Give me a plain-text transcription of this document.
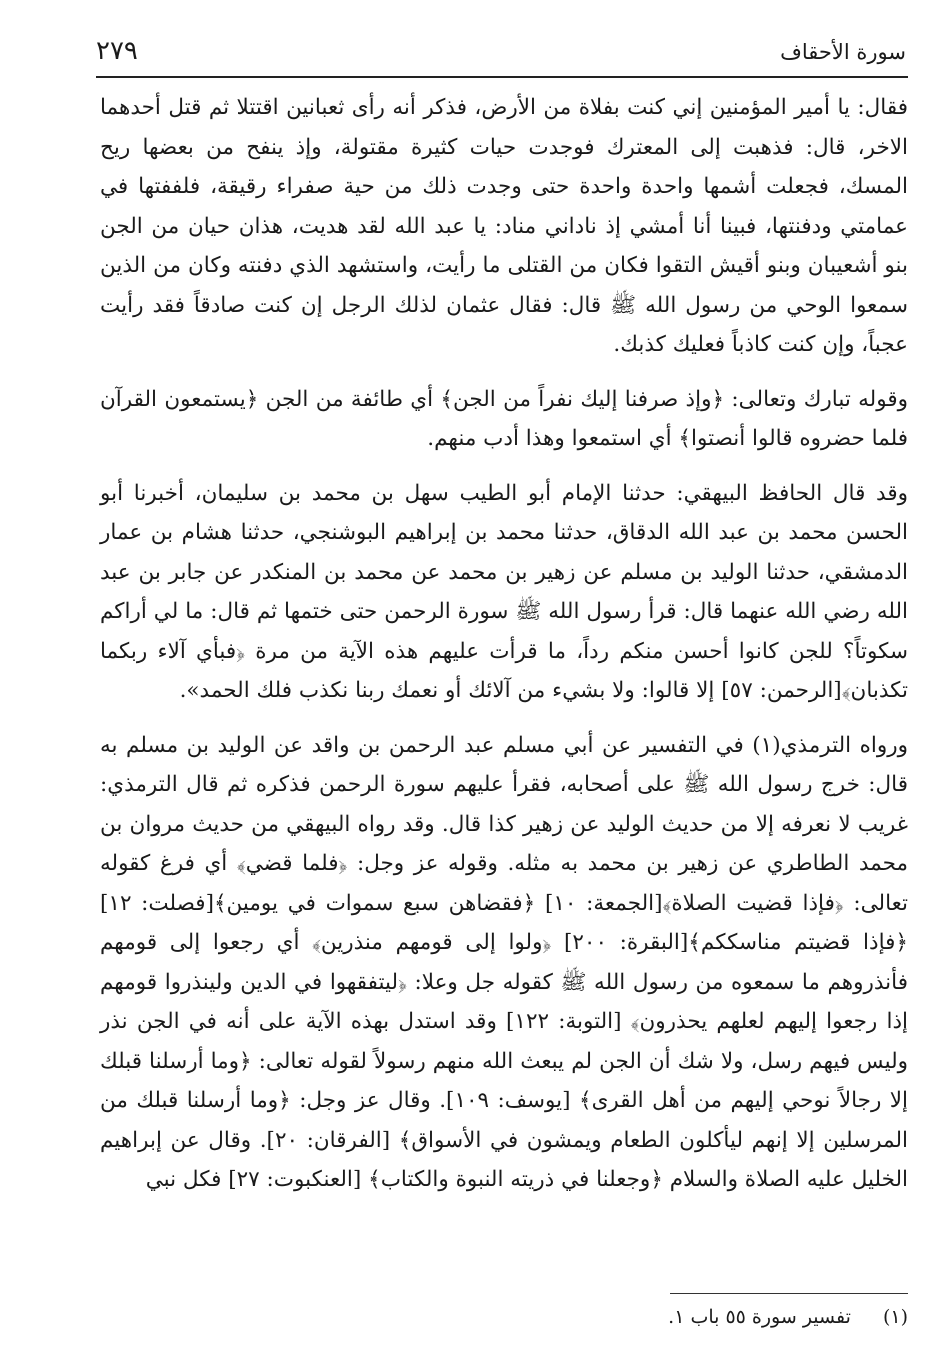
سورة الأحقاف
٢٧٩

فقال: يا أمير المؤمنين إني كنت بفلاة من الأرض، فذكر أنه رأى ثعبانين اقتتلا ثم قتل أحدهما الاخر، قال: فذهبت إلى المعترك فوجدت حيات كثيرة مقتولة، وإذ ينفح من بعضها ريح المسك، فجعلت أشمها واحدة واحدة حتى وجدت ذلك من حية صفراء رقيقة، فلففتها في عمامتي ودفنتها، فبينا أنا أمشي إذ ناداني مناد: يا عبد الله لقد هديت، هذان حيان من الجن بنو أشعيبان وبنو أقيش التقوا فكان من القتلى ما رأيت، واستشهد الذي دفنته وكان من الذين سمعوا الوحي من رسول الله ﷺ قال: فقال عثمان لذلك الرجل إن كنت صادقاً فقد رأيت عجباً، وإن كنت كاذباً فعليك كذبك.

وقوله تبارك وتعالى: ﴿وإذ صرفنا إليك نفراً من الجن﴾ أي طائفة من الجن ﴿يستمعون القرآن فلما حضروه قالوا أنصتوا﴾ أي استمعوا وهذا أدب منهم.

وقد قال الحافظ البيهقي: حدثنا الإمام أبو الطيب سهل بن محمد بن سليمان، أخبرنا أبو الحسن محمد بن عبد الله الدقاق، حدثنا محمد بن إبراهيم البوشنجي، حدثنا هشام بن عمار الدمشقي، حدثنا الوليد بن مسلم عن زهير بن محمد عن محمد بن المنكدر عن جابر بن عبد الله رضي الله عنهما قال: قرأ رسول الله ﷺ سورة الرحمن حتى ختمها ثم قال: ما لي أراكم سكوتاً؟ للجن كانوا أحسن منكم رداً، ما قرأت عليهم هذه الآية من مرة ﴿فبأي آلاء ربكما تكذبان﴾[الرحمن: ٥٧] إلا قالوا: ولا بشيء من آلائك أو نعمك ربنا نكذب فلك الحمد».

ورواه الترمذي(١) في التفسير عن أبي مسلم عبد الرحمن بن واقد عن الوليد بن مسلم به قال: خرج رسول الله ﷺ على أصحابه، فقرأ عليهم سورة الرحمن فذكره ثم قال الترمذي: غريب لا نعرفه إلا من حديث الوليد عن زهير كذا قال. وقد رواه البيهقي من حديث مروان بن محمد الطاطري عن زهير بن محمد به مثله. وقوله عز وجل: ﴿فلما قضي﴾ أي فرغ كقوله تعالى: ﴿فإذا قضيت الصلاة﴾[الجمعة: ١٠] ﴿فقضاهن سبع سموات في يومين﴾[فصلت: ١٢] ﴿فإذا قضيتم مناسككم﴾[البقرة: ٢٠٠] ﴿ولوا إلى قومهم منذرين﴾ أي رجعوا إلى قومهم فأنذروهم ما سمعوه من رسول الله ﷺ كقوله جل وعلا: ﴿ليتفقهوا في الدين ولينذروا قومهم إذا رجعوا إليهم لعلهم يحذرون﴾ [التوبة: ١٢٢] وقد استدل بهذه الآية على أنه في الجن نذر وليس فيهم رسل، ولا شك أن الجن لم يبعث الله منهم رسولاً لقوله تعالى: ﴿وما أرسلنا قبلك إلا رجالاً نوحي إليهم من أهل القرى﴾ [يوسف: ١٠٩]. وقال عز وجل: ﴿وما أرسلنا قبلك من المرسلين إلا إنهم ليأكلون الطعام ويمشون في الأسواق﴾ [الفرقان: ٢٠]. وقال عن إبراهيم الخليل عليه الصلاة والسلام ﴿وجعلنا في ذريته النبوة والكتاب﴾ [العنكبوت: ٢٧] فكل نبي

(١) تفسير سورة ٥٥ باب ١.
